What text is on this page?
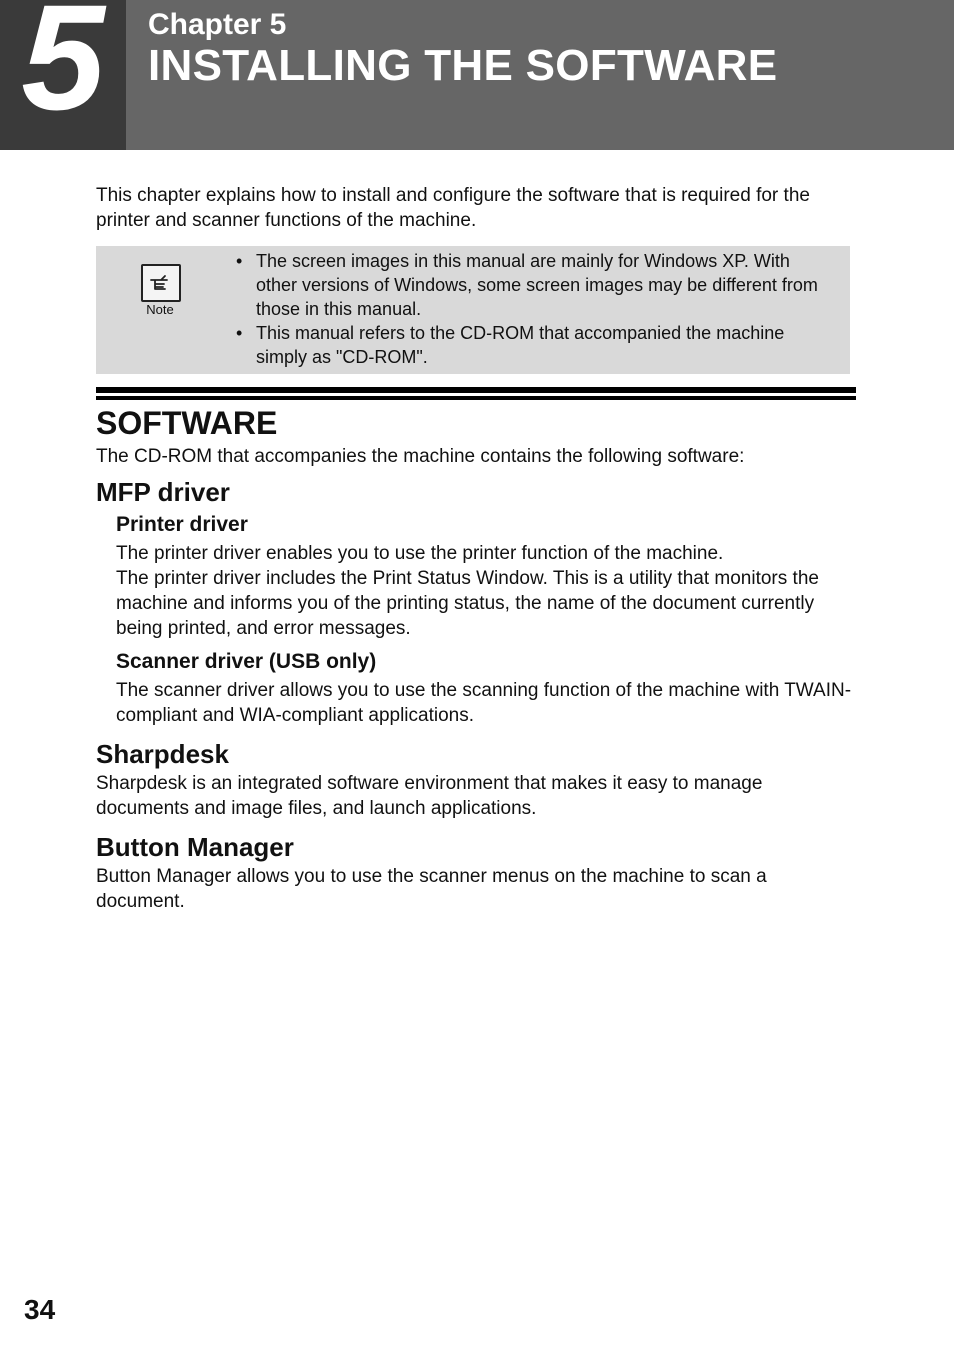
5	Chapter 5
INSTALLING THE SOFTWARE

This chapter explains how to install and configure the software that is required for the printer and scanner functions of the machine.

Note
• The screen images in this manual are mainly for Windows XP. With other versions of Windows, some screen images may be different from those in this manual.
• This manual refers to the CD-ROM that accompanied the machine simply as "CD-ROM".
SOFTWARE

The CD-ROM that accompanies the machine contains the following software:

MFP driver
Printer driver

The printer driver enables you to use the printer function of the machine.

The printer driver includes the Print Status Window. This is a utility that monitors the machine and informs you of the printing status, the name of the document currently being printed, and error messages.

Scanner driver (USB only)

The scanner driver allows you to use the scanning function of the machine with TWAIN-compliant and WIA-compliant applications.

Sharpdesk

Sharpdesk is an integrated software environment that makes it easy to manage documents and image files, and launch applications.

Button Manager

Button Manager allows you to use the scanner menus on the machine to scan a document.

34
